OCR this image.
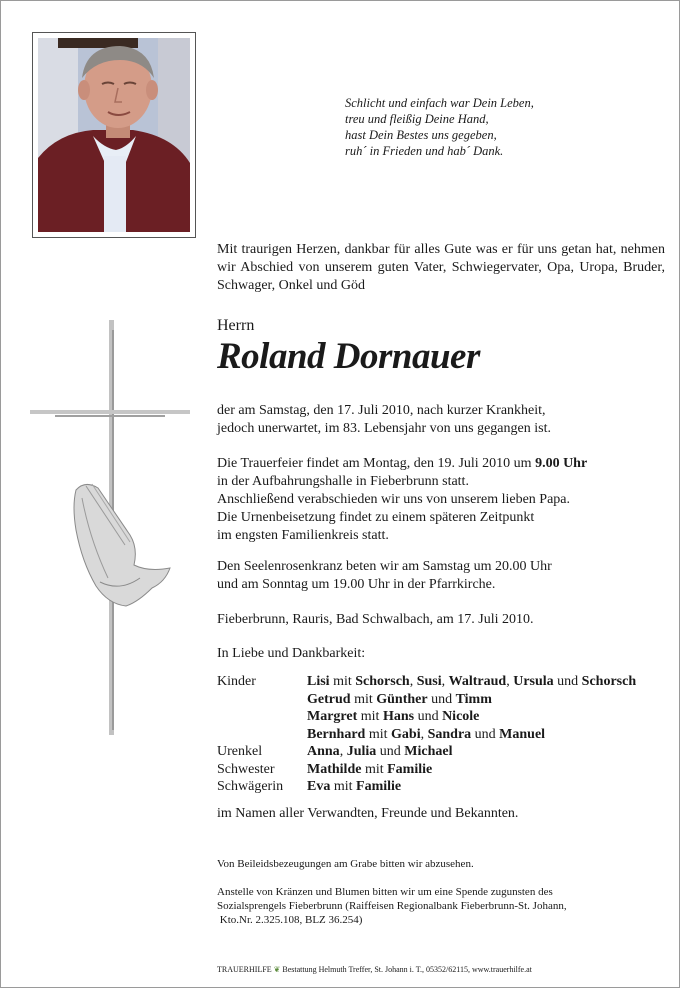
Schlicht und einfach war Dein Leben,
treu und fleißig Deine Hand,
hast Dein Bestes uns gegeben,
ruh´ in Frieden und hab´ Dank.
Mit traurigen Herzen, dankbar für alles Gute was er für uns getan hat, nehmen wir Abschied von unserem guten Vater, Schwiegervater, Opa, Uropa, Bruder, Schwager, Onkel und Göd
Herrn
Roland Dornauer
der am Samstag, den 17. Juli 2010, nach kurzer Krankheit,
jedoch unerwartet, im 83. Lebensjahr von uns gegangen ist.
Die Trauerfeier findet am Montag, den 19. Juli 2010 um 9.00 Uhr
in der Aufbahrungshalle in Fieberbrunn statt.
Anschließend verabschieden wir uns von unserem lieben Papa.
Die Urnenbeisetzung findet zu einem späteren Zeitpunkt
im engsten Familienkreis statt.
Den Seelenrosenkranz beten wir am Samstag um 20.00 Uhr
und am Sonntag um 19.00 Uhr in der Pfarrkirche.
Fieberbrunn, Rauris, Bad Schwalbach, am 17. Juli 2010.
In Liebe und Dankbarkeit:
Kinder	Lisi mit Schorsch, Susi, Waltraud, Ursula und Schorsch
Getrud mit Günther und Timm
Margret mit Hans und Nicole
Bernhard mit Gabi, Sandra und Manuel
Urenkel	Anna, Julia und Michael
Schwester	Mathilde mit Familie
Schwägerin	Eva mit Familie
im Namen aller Verwandten, Freunde und Bekannten.
Von Beileidsbezeugungen am Grabe bitten wir abzusehen.
Anstelle von Kränzen und Blumen bitten wir um eine Spende zugunsten des
Sozialsprengels Fieberbrunn (Raiffeisen Regionalbank Fieberbrunn-St. Johann,
Kto.Nr. 2.325.108, BLZ 36.254)
TRAUERHILFE ❦ Bestattung Helmuth Treffer, St. Johann i. T., 05352/62115, www.trauerhilfe.at
